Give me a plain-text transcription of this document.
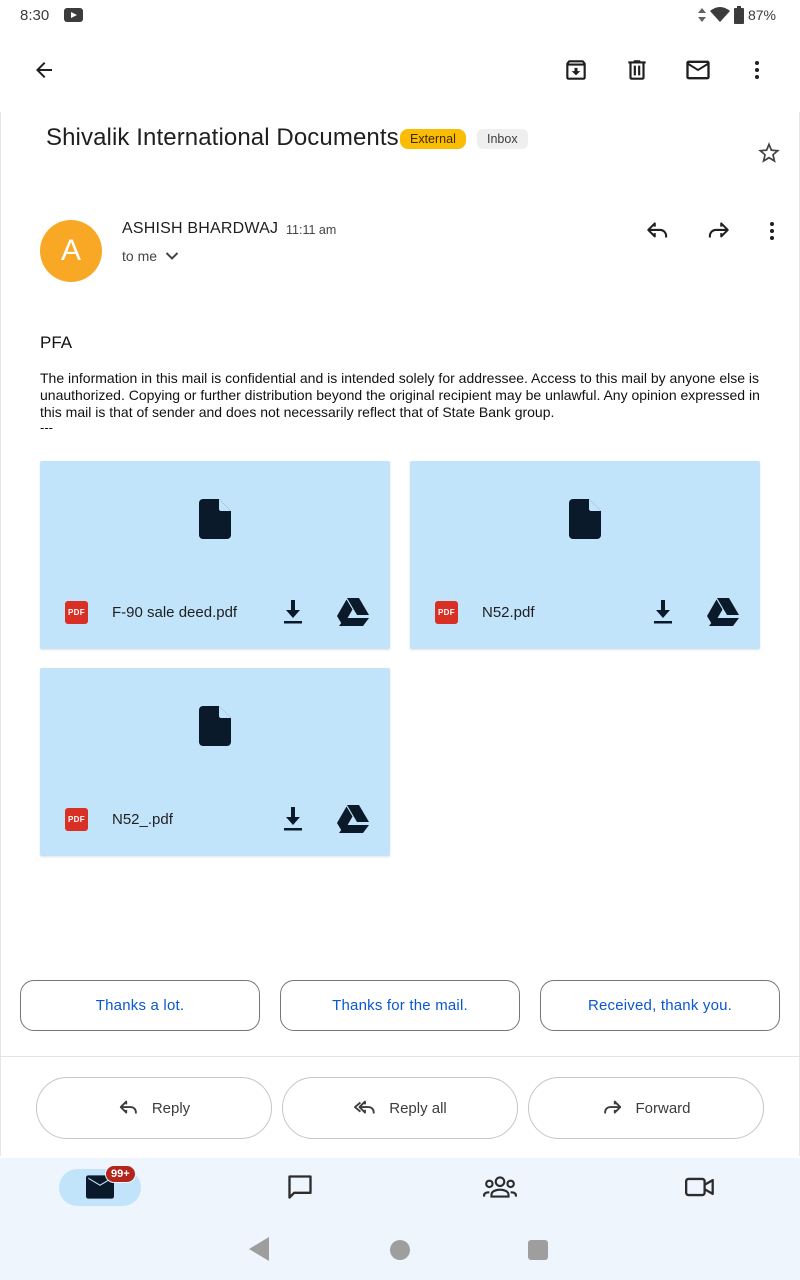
8:30	87%
Shivalik International Documents External	Inbox
A
ASHISH BHARDWAJ 11:11 am
to me
PFA
The information in this mail is confidential and is intended solely for addressee. Access to this mail by anyone else is unauthorized. Copying or further distribution beyond the original recipient may be unlawful. Any opinion expressed in this mail is that of sender and does not necessarily reflect that of State Bank group.
---
PDF F-90 sale deed.pdf	PDF N52.pdf
PDF N52_.pdf
Thanks a lot.	Thanks for the mail.	Received, thank you.
Reply	Reply all	Forward
99+
